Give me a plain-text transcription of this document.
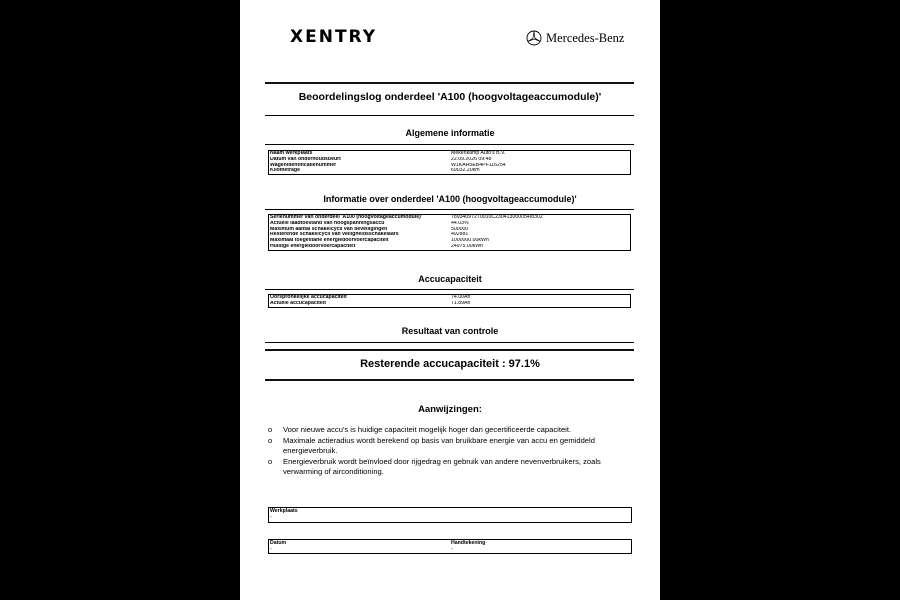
XENTRY	Mercedes-Benz
Beoordelingslog onderdeel 'A100 (hoogvoltageaccumodule)'
Algemene informatie
Naam werkplaats	Mekenkamp Auto's B.V.
Datum van onderhoudsbeurt	22.09.2026 09:48
Wagenidentificatienummer	W1KAH5EB4PF116254
Kilometrage	69032.20km
Informatie over onderdeel 'A100 (hoogvoltageaccumodule)'
Serienummer van onderdeel 'A100 (hoogvoltageaccumodule)'	78934097270010C230413000054I8302
Actuele laadtoestand van hoogspanningsaccu	44.03%
Maximum aantal schakelcycli van beveiligingen	500000
Resterende schakelcycli van veiligheidsschakelaars	492881
Maximaal toegestane energiedoorvoercapaciteit	1000000.00kWh
Huidige energiedoorvoercapaciteit	24975.00kWh
Accucapaciteit
Oorspronkelijke accucapaciteit	74.00Ah
Actuele accucapaciteit	71.89Ah
Resultaat van controle
Resterende accucapaciteit : 97.1%
Aanwijzingen:
o	Voor nieuwe accu's is huidige capaciteit mogelijk hoger dan gecertificeerde capaciteit.
o	Maximale actieradius wordt berekend op basis van bruikbare energie van accu en gemiddeld energieverbruik.
o	Energieverbruik wordt beïnvloed door rijgedrag en gebruik van andere nevenverbruikers, zoals verwarming of airconditioning.
Werkplaats
-
Datum
-
Handtekening
-
